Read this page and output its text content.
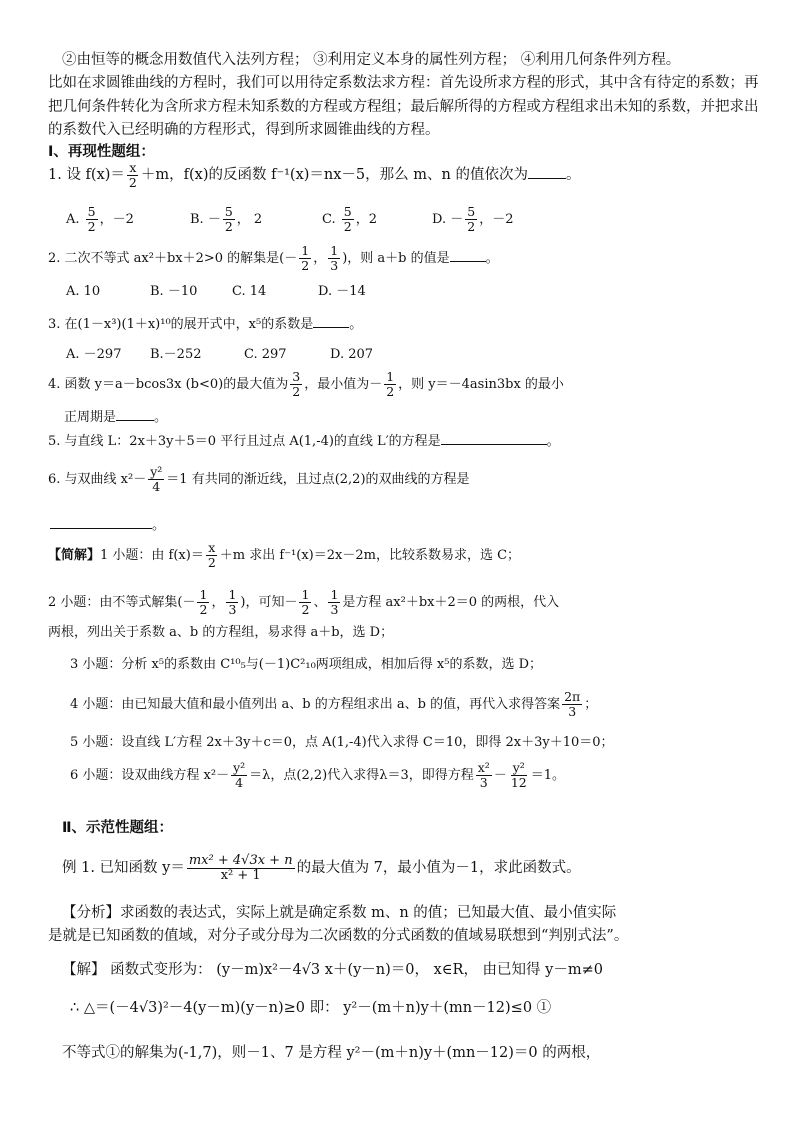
②由恒等的概念用数值代入法列方程； ③利用定义本身的属性列方程； ④利用几何条件列方程。
比如在求圆锥曲线的方程时，我们可以用待定系数法求方程：首先设所求方程的形式，其中含有待定的系数；再
把几何条件转化为含所求方程未知系数的方程或方程组；最后解所得的方程或方程组求出未知的系数，并把求出
的系数代入已经明确的方程形式，得到所求圆锥曲线的方程。
Ⅰ、再现性题组：
1. 设 $f(x)= \frac{x}{2} +m$，f(x)的反函数 f⁻¹(x)＝nx－5，那么 m、n 的值依次为	。
A. $\frac{5}{2}$ ，－2	B. － $\frac{5}{2}$ ， 2	C. $\frac{5}{2}$ ，2	D. － $\frac{5}{2}$ ，－2
2. 二次不等式 ax²＋bx＋2>0 的解集是(－ $\frac{1}{2}$ ， $\frac{1}{3}$ )，则 a＋b 的值是	。
A. 10	B. －10	C. 14	D. －14
3. 在(1－x³)(1＋x)¹⁰的展开式中，x⁵的系数是	。
A. －297 B.－252	C. 297	D. 207
4. 函数 y＝a－bcos3x (b<0)的最大值为 $\frac{3}{2}$ ，最小值为－ $\frac{1}{2}$ ，则 y＝－4asin3bx 的最小
正周期是	。
5. 与直线 L：2x＋3y＋5＝0 平行且过点 A(1,-4)的直线 L′的方程是	。
6. 与双曲线 $x^2- \frac{\text{y²}}{4} =1$ 有共同的渐近线，且过点(2,2)的双曲线的方程是
。
【简解】1 小题：由 $f(x)= \frac{x}{2} +m$ 求出 f⁻¹(x)＝2x－2m，比较系数易求，选 C；
2 小题：由不等式解集(－ $\frac{1}{2}$ ， $\frac{1}{3}$ )，可知－ $\frac{1}{2}$ 、 $\frac{1}{3}$ 是方程 ax²＋bx＋2＝0 的两根，代入
两根，列出关于系数 a、b 的方程组，易求得 a＋b，选 D；
3 小题：分析 x⁵的系数由 C¹⁰₅与(－1)C²₁₀两项组成，相加后得 x⁵的系数，选 D；
4 小题：由已知最大值和最小值列出 a、b 的方程组求出 a、b 的值，再代入求得答案 $\frac{2\pi}{3}$ ；
5 小题：设直线 L′方程 2x＋3y＋c＝0，点 A(1,-4)代入求得 C＝10，即得 2x＋3y＋10＝0；
6 小题：设双曲线方程 $x^2- \frac{\text{y²}}{4} =\lambda$，点(2,2)代入求得λ＝3，即得方程 $\frac{\text{x²}}{3} - \frac{\text{y²}}{12} =1$。
Ⅱ、示范性题组：
例 1. 已知函数 $y= \frac{\text{mx² + 4√3x + n}}{\text{x² + 1}}$ 的最大值为 7，最小值为－1，求此函数式。
【分析】求函数的表达式，实际上就是确定系数 m、n 的值；已知最大值、最小值实际
是就是已知函数的值域，对分子或分母为二次函数的分式函数的值域易联想到“判别式法”。
【解】 函数式变形为： (y－m)x²－4√3 x＋(y－n)＝0， x∈R， 由已知得 y－m≠0
∴ △＝(－4√3)²－4(y－m)(y－n)≥0 即： y²－(m＋n)y＋(mn－12)≤0 ①
不等式①的解集为(-1,7)，则－1、7 是方程 y²－(m＋n)y＋(mn－12)＝0 的两根，
